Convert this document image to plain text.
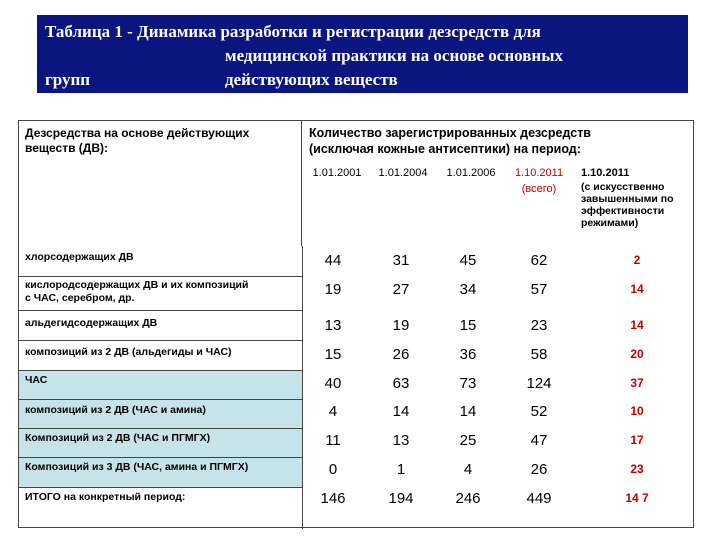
Таблица 1 - Динамика разработки и регистрации дезсредств для
медицинской практики на основе основных
групп	действующих веществ
Дезсредства на основе действующих веществ (ДВ):
Количество зарегистрированных дезсредств
(исключая кожные антисептики) на период:
1.01.2001	1.01.2004	1.01.2006	1.10.2011
(всего)
1.10.2011
(с искусственно завышенными по эффективности режимами)
хлорсодержащих ДВ	44	31	45	62	2
кислородсодержащих ДВ и их композиций
с ЧАС, серебром, др.	19	27	34	57	14
альдегидсодержащих ДВ	13	19	15	23	14
композиций из 2 ДВ (альдегиды и ЧАС)	15	26	36	58	20
ЧАС	40	63	73	124	37
композиций из 2 ДВ (ЧАС и амина)	4	14	14	52	10
Композиций из 2 ДВ (ЧАС и ПГМГХ)	11	13	25	47	17
Композиций из 3 ДВ (ЧАС, амина и ПГМГХ)	0	1	4	26	23
ИТОГО на конкретный период:	146	194	246	449	14 7
